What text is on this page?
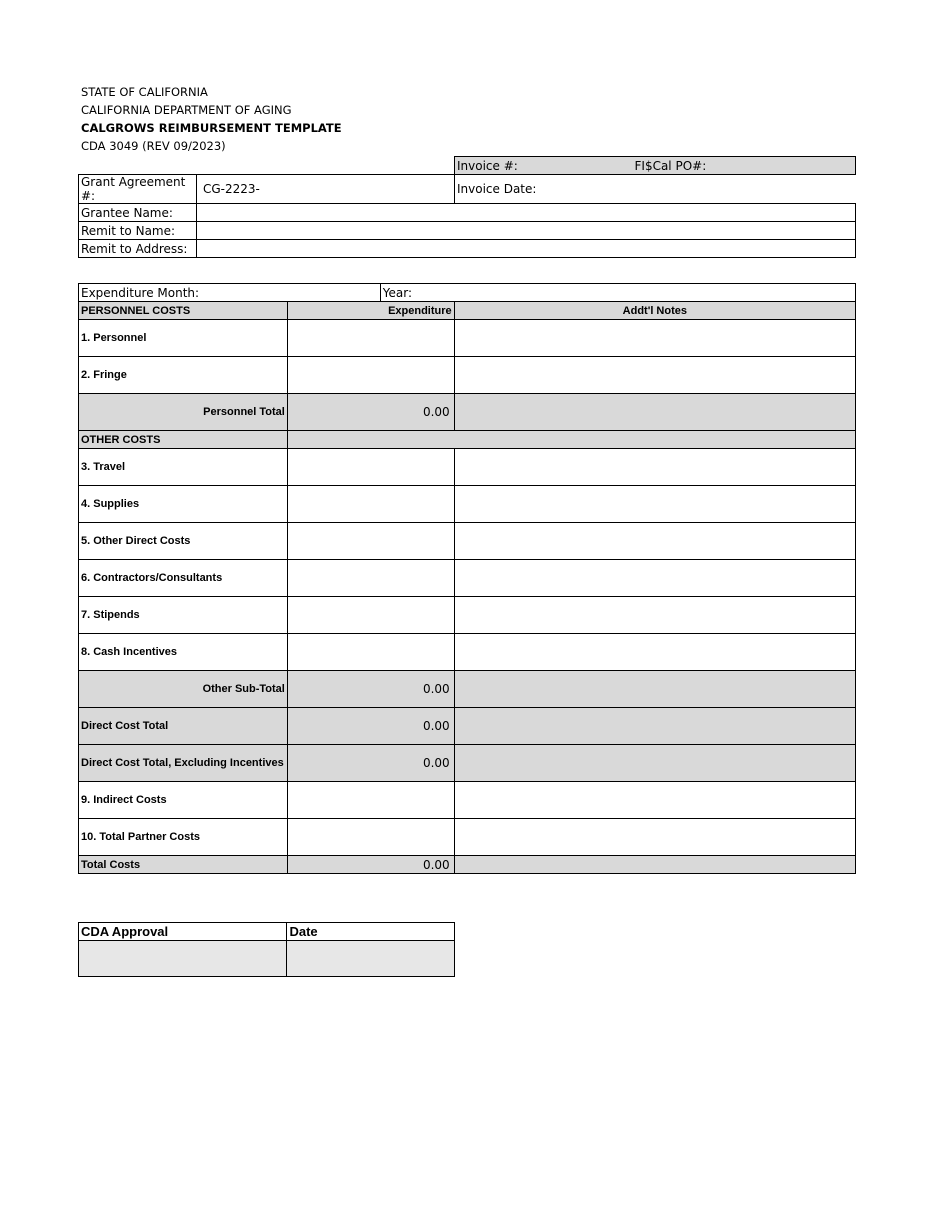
STATE OF CALIFORNIA
CALIFORNIA DEPARTMENT OF AGING
CALGROWS REIMBURSEMENT TEMPLATE
CDA 3049 (REV 09/2023)
Invoice #:	FI$Cal PO#:
Grant Agreement #:	CG-2223-	Invoice Date:
Grantee Name:		
Remit to Name:		
Remit to Address:		
Expenditure Month:		Year:	
PERSONNEL COSTS	Expenditure		Addt'l Notes
1. Personnel			
2. Fringe			
Personnel Total	0.00		
OTHER COSTS			
3. Travel			
4. Supplies			
5. Other Direct Costs			
6. Contractors/Consultants			
7. Stipends			
8. Cash Incentives			
Other Sub-Total	0.00		
Direct Cost Total	0.00		
Direct Cost Total, Excluding Incentives	0.00		
9. Indirect Costs			
10. Total Partner Costs			
Total Costs	0.00		
CDA Approval	Date
